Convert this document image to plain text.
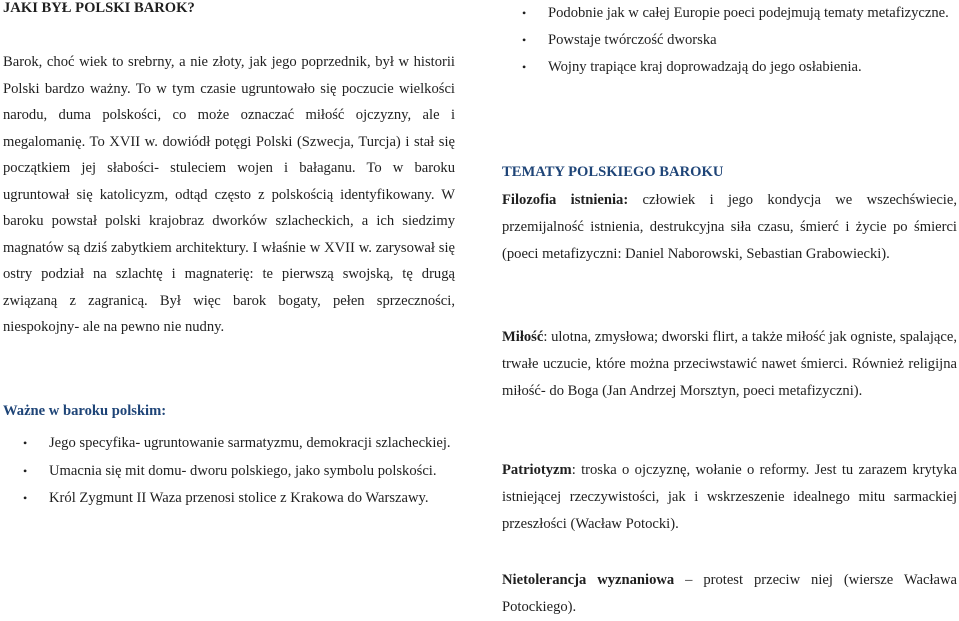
JAKI BYŁ POLSKI BAROK?
Barok, choć wiek to srebrny, a nie złoty, jak jego poprzednik, był w historii Polski bardzo ważny. To w tym czasie ugruntowało się poczucie wielkości narodu, duma polskości, co może oznaczać miłość ojczyzny, ale i megalomanię. To XVII w. dowiódł potęgi Polski (Szwecja, Turcja) i stał się początkiem jej słabości- stuleciem wojen i bałaganu. To w baroku ugruntował się katolicyzm, odtąd często z polskością identyfikowany. W baroku powstał polski krajobraz dworków szlacheckich, a ich siedzimy magnatów są dziś zabytkiem architektury. I właśnie w XVII w. zarysował się ostry podział na szlachtę i magnaterię: te pierwszą swojską, tę drugą związaną z zagranicą. Był więc barok bogaty, pełen sprzeczności, niespokojny- ale na pewno nie nudny.
Ważne w baroku polskim:
• Jego specyfika- ugruntowanie sarmatyzmu, demokracji szlacheckiej.
• Umacnia się mit domu- dworu polskiego, jako symbolu polskości.
• Król Zygmunt II Waza przenosi stolice z Krakowa do Warszawy.
• Podobnie jak w całej Europie poeci podejmują tematy metafizyczne.
• Powstaje twórczość dworska
• Wojny trapiące kraj doprowadzają do jego osłabienia.
TEMATY POLSKIEGO BAROKU
Filozofia istnienia: człowiek i jego kondycja we wszechświecie, przemijalność istnienia, destrukcyjna siła czasu, śmierć i życie po śmierci (poeci metafizyczni: Daniel Naborowski, Sebastian Grabowiecki).
Miłość: ulotna, zmysłowa; dworski flirt, a także miłość jak ogniste, spalające, trwałe uczucie, które można przeciwstawić nawet śmierci. Również religijna miłość- do Boga (Jan Andrzej Morsztyn, poeci metafizyczni).
Patriotyzm: troska o ojczyznę, wołanie o reformy. Jest tu zarazem krytyka istniejącej rzeczywistości, jak i wskrzeszenie idealnego mitu sarmackiej przeszłości (Wacław Potocki).
Nietolerancja wyznaniowa – protest przeciw niej (wiersze Wacława Potockiego).
